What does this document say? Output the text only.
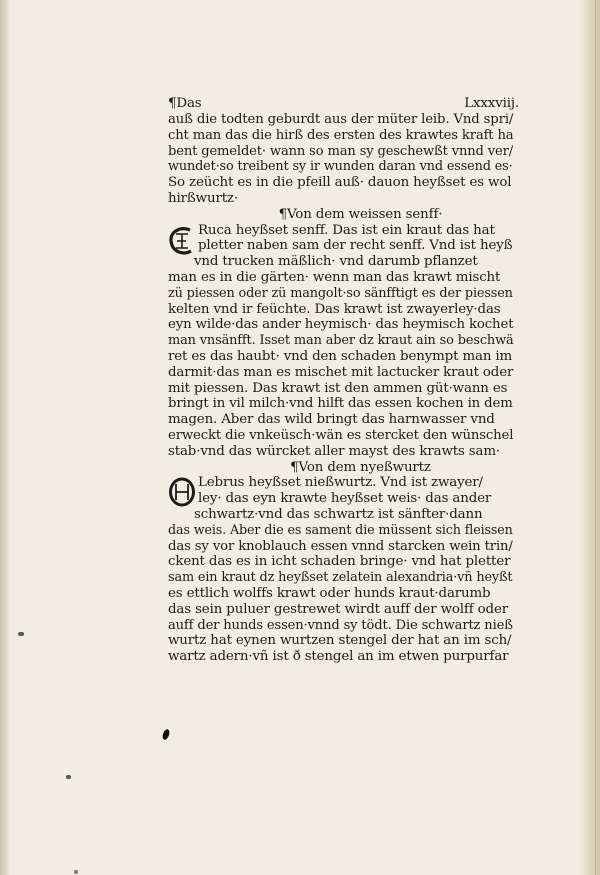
¶Das	Lxxxviij.
auß die todten geburdt aus der müter leib. Vnd spri/
cht man das die hirß des ersten des krawtes kraft ha
bent gemeldet· wann so man sy geschewßt vnnd ver/
wundet·so treibent sy ir wunden daran vnd essend es·
So zeücht es in die pfeill auß· dauon heyßset es wol
hirßwurtz·
¶Von dem weissen senff·
Ruca heyßset senff. Das ist ein kraut das hat
pletter naben sam der recht senff. Vnd ist heyß
vnd trucken mäßlich· vnd darumb pflanzet
man es in die gärten· wenn man das krawt mischt
zü piessen oder zü mangolt·so sänfftigt es der piessen
kelten vnd ir feüchte. Das krawt ist zwayerley·das
eyn wilde·das ander heymisch· das heymisch kochet
man vnsänfft. Isset man aber dz kraut ain so beschwä
ret es das haubt· vnd den schaden benympt man im
darmit·das man es mischet mit lactucker kraut oder
mit piessen. Das krawt ist den ammen güt·wann es
bringt in vil milch·vnd hilft das essen kochen in dem
magen. Aber das wild bringt das harnwasser vnd
erweckt die vnkeüsch·wän es stercket den wünschel
stab·vnd das würcket aller mayst des krawts sam·
¶Von dem nyeßwurtz
Lebrus heyßset nießwurtz. Vnd ist zwayer/
ley· das eyn krawte heyßset weis· das ander
schwartz·vnd das schwartz ist sänfter·dann
das weis. Aber die es sament die müssent sich fleissen
das sy vor knoblauch essen vnnd starcken wein trin/
ckent das es in icht schaden bringe· vnd hat pletter
sam ein kraut dz heyßset zelatein alexandria·vñ heyßt
es ettlich wolffs krawt oder hunds kraut·darumb
das sein puluer gestrewet wirdt auff der wolff oder
auff der hunds essen·vnnd sy tödt. Die schwartz nieß
wurtz hat eynen wurtzen stengel der hat an im sch/
wartz adern·vñ ist ð stengel an im etwen purpurfar
